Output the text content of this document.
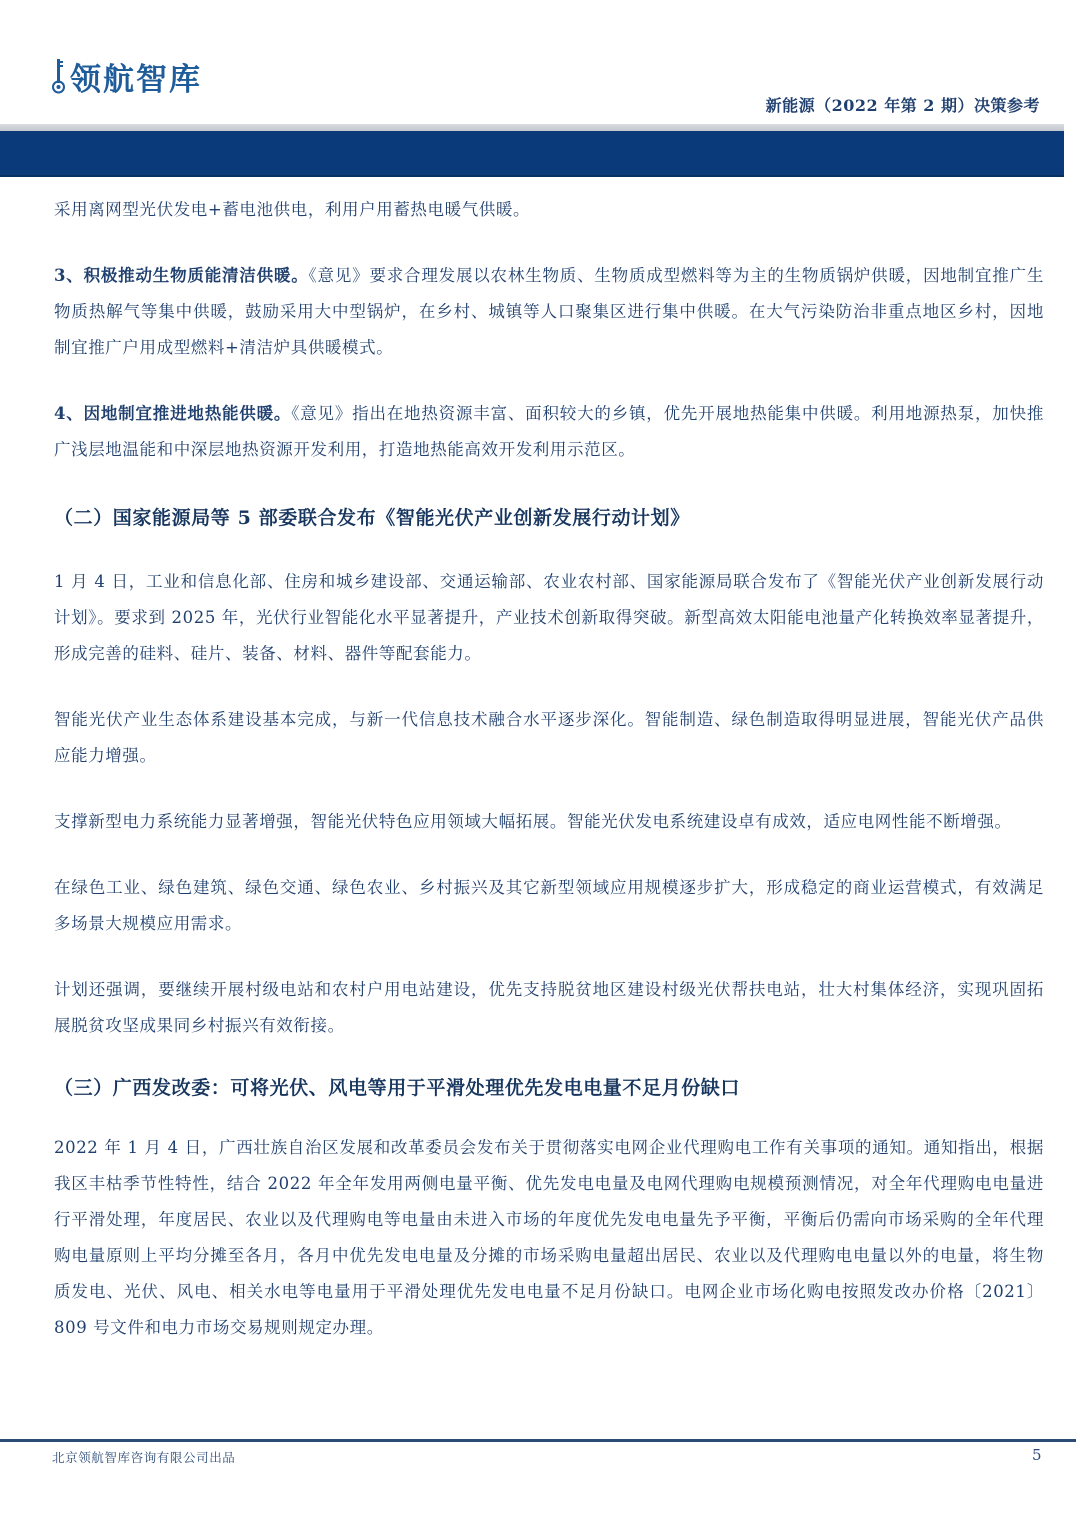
领航智库
新能源（2022 年第 2 期）决策参考

采用离网型光伏发电+蓄电池供电，利用户用蓄热电暖气供暖。

3、积极推动生物质能清洁供暖。《意见》要求合理发展以农林生物质、生物质成型燃料等为主的生物质锅炉供暖，因地制宜推广生物质热解气等集中供暖，鼓励采用大中型锅炉，在乡村、城镇等人口聚集区进行集中供暖。在大气污染防治非重点地区乡村，因地制宜推广户用成型燃料+清洁炉具供暖模式。

4、因地制宜推进地热能供暖。《意见》指出在地热资源丰富、面积较大的乡镇，优先开展地热能集中供暖。利用地源热泵，加快推广浅层地温能和中深层地热资源开发利用，打造地热能高效开发利用示范区。

（二）国家能源局等 5 部委联合发布《智能光伏产业创新发展行动计划》

1 月 4 日，工业和信息化部、住房和城乡建设部、交通运输部、农业农村部、国家能源局联合发布了《智能光伏产业创新发展行动计划》。要求到 2025 年，光伏行业智能化水平显著提升，产业技术创新取得突破。新型高效太阳能电池量产化转换效率显著提升，形成完善的硅料、硅片、装备、材料、器件等配套能力。

智能光伏产业生态体系建设基本完成，与新一代信息技术融合水平逐步深化。智能制造、绿色制造取得明显进展，智能光伏产品供应能力增强。

支撑新型电力系统能力显著增强，智能光伏特色应用领域大幅拓展。智能光伏发电系统建设卓有成效，适应电网性能不断增强。

在绿色工业、绿色建筑、绿色交通、绿色农业、乡村振兴及其它新型领域应用规模逐步扩大，形成稳定的商业运营模式，有效满足多场景大规模应用需求。

计划还强调，要继续开展村级电站和农村户用电站建设，优先支持脱贫地区建设村级光伏帮扶电站，壮大村集体经济，实现巩固拓展脱贫攻坚成果同乡村振兴有效衔接。

（三）广西发改委：可将光伏、风电等用于平滑处理优先发电电量不足月份缺口

2022 年 1 月 4 日，广西壮族自治区发展和改革委员会发布关于贯彻落实电网企业代理购电工作有关事项的通知。通知指出，根据我区丰枯季节性特性，结合 2022 年全年发用两侧电量平衡、优先发电电量及电网代理购电规模预测情况，对全年代理购电电量进行平滑处理，年度居民、农业以及代理购电等电量由未进入市场的年度优先发电电量先予平衡，平衡后仍需向市场采购的全年代理购电量原则上平均分摊至各月，各月中优先发电电量及分摊的市场采购电量超出居民、农业以及代理购电电量以外的电量，将生物质发电、光伏、风电、相关水电等电量用于平滑处理优先发电电量不足月份缺口。电网企业市场化购电按照发改办价格〔2021〕809 号文件和电力市场交易规则规定办理。

北京领航智库咨询有限公司出品	5
